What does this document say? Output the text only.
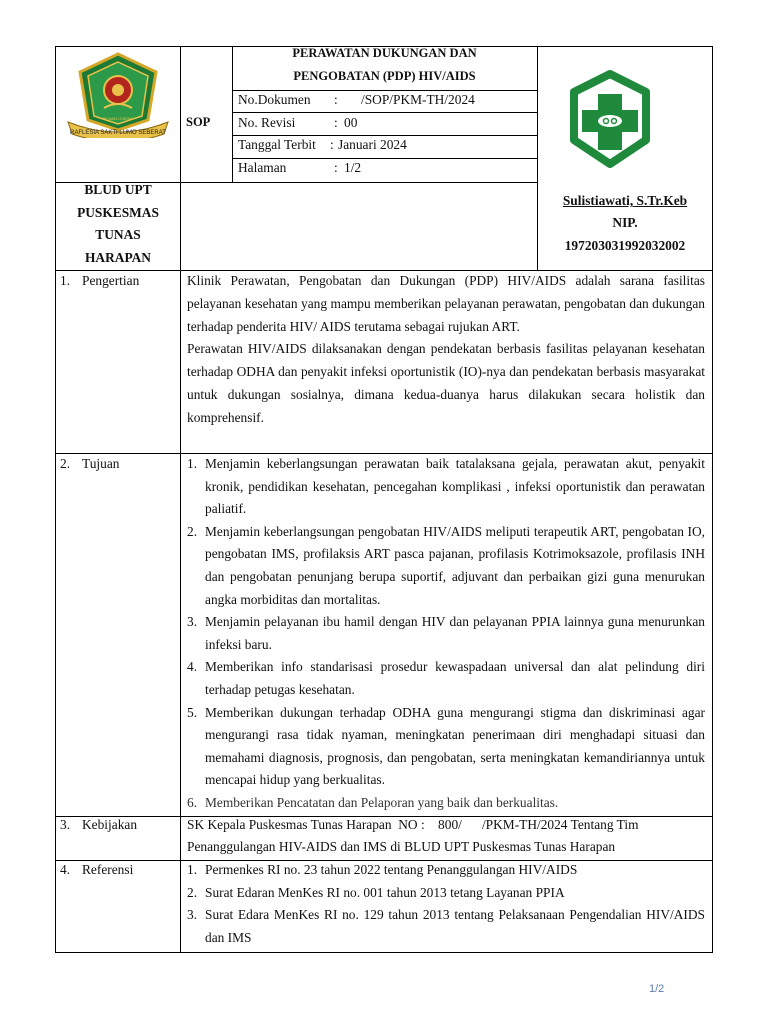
RAFLESIA SAKTI LUMO SEBERAT
REJANG LEBONG	SOP
PERAWATAN DUKUNGAN DAN
PENGOBATAN (PDP) HIV/AIDS
No.Dokumen : /SOP/PKM-TH/2024
No. Revisi	: 00
Tanggal Terbit : Januari 2024
Halaman	: 1/2
BLUD UPT
PUSKESMAS
TUNAS
HARAPAN
Sulistiawati, S.Tr.Keb
NIP.
197203031992032002
1. Pengertian	Klinik Perawatan, Pengobatan dan Dukungan (PDP) HIV/AIDS adalah sarana fasilitas pelayanan kesehatan yang mampu memberikan pelayanan perawatan, pengobatan dan dukungan terhadap penderita HIV/ AIDS terutama sebagai rujukan ART.

Perawatan HIV/AIDS dilaksanakan dengan pendekatan berbasis fasilitas pelayanan kesehatan terhadap ODHA dan penyakit infeksi oportunistik (IO)-nya dan pendekatan berbasis masyarakat untuk dukungan sosialnya, dimana kedua-duanya harus dilakukan secara holistik dan komprehensif.

2. Tujuan	1. Menjamin keberlangsungan perawatan baik tatalaksana gejala, perawatan akut, penyakit kronik, pendidikan kesehatan, pencegahan komplikasi , infeksi oportunistik dan perawatan paliatif.
2. Menjamin keberlangsungan pengobatan HIV/AIDS meliputi terapeutik ART, pengobatan IO, pengobatan IMS, profilaksis ART pasca pajanan, profilasis Kotrimoksazole, profilasis INH dan pengobatan penunjang berupa suportif, adjuvant dan perbaikan gizi guna menurukan angka morbiditas dan mortalitas.
3. Menjamin pelayanan ibu hamil dengan HIV dan pelayanan PPIA lainnya guna menurunkan infeksi baru.
4. Memberikan info standarisasi prosedur kewaspadaan universal dan alat pelindung diri terhadap petugas kesehatan.
5. Memberikan dukungan terhadap ODHA guna mengurangi stigma dan diskriminasi agar mengurangi rasa tidak nyaman, meningkatan penerimaan diri menghadapi situasi dan memahami diagnosis, prognosis, dan pengobatan, serta meningkatan kemandiriannya untuk mencapai hidup yang berkualitas.
6. Memberikan Pencatatan dan Pelaporan yang baik dan berkualitas.
3. Kebijakan	SK Kepala Puskesmas Tunas Harapan  NO :    800/      /PKM-TH/2024 Tentang Tim
Penanggulangan HIV-AIDS dan IMS di BLUD UPT Puskesmas Tunas Harapan
4. Referensi	1. Permenkes RI no. 23 tahun 2022 tentang Penanggulangan HIV/AIDS
2. Surat Edaran MenKes RI no. 001 tahun 2013 tetang Layanan PPIA
3. Surat Edara MenKes RI no. 129 tahun 2013 tentang Pelaksanaan Pengendalian HIV/AIDS dan IMS
1/2
